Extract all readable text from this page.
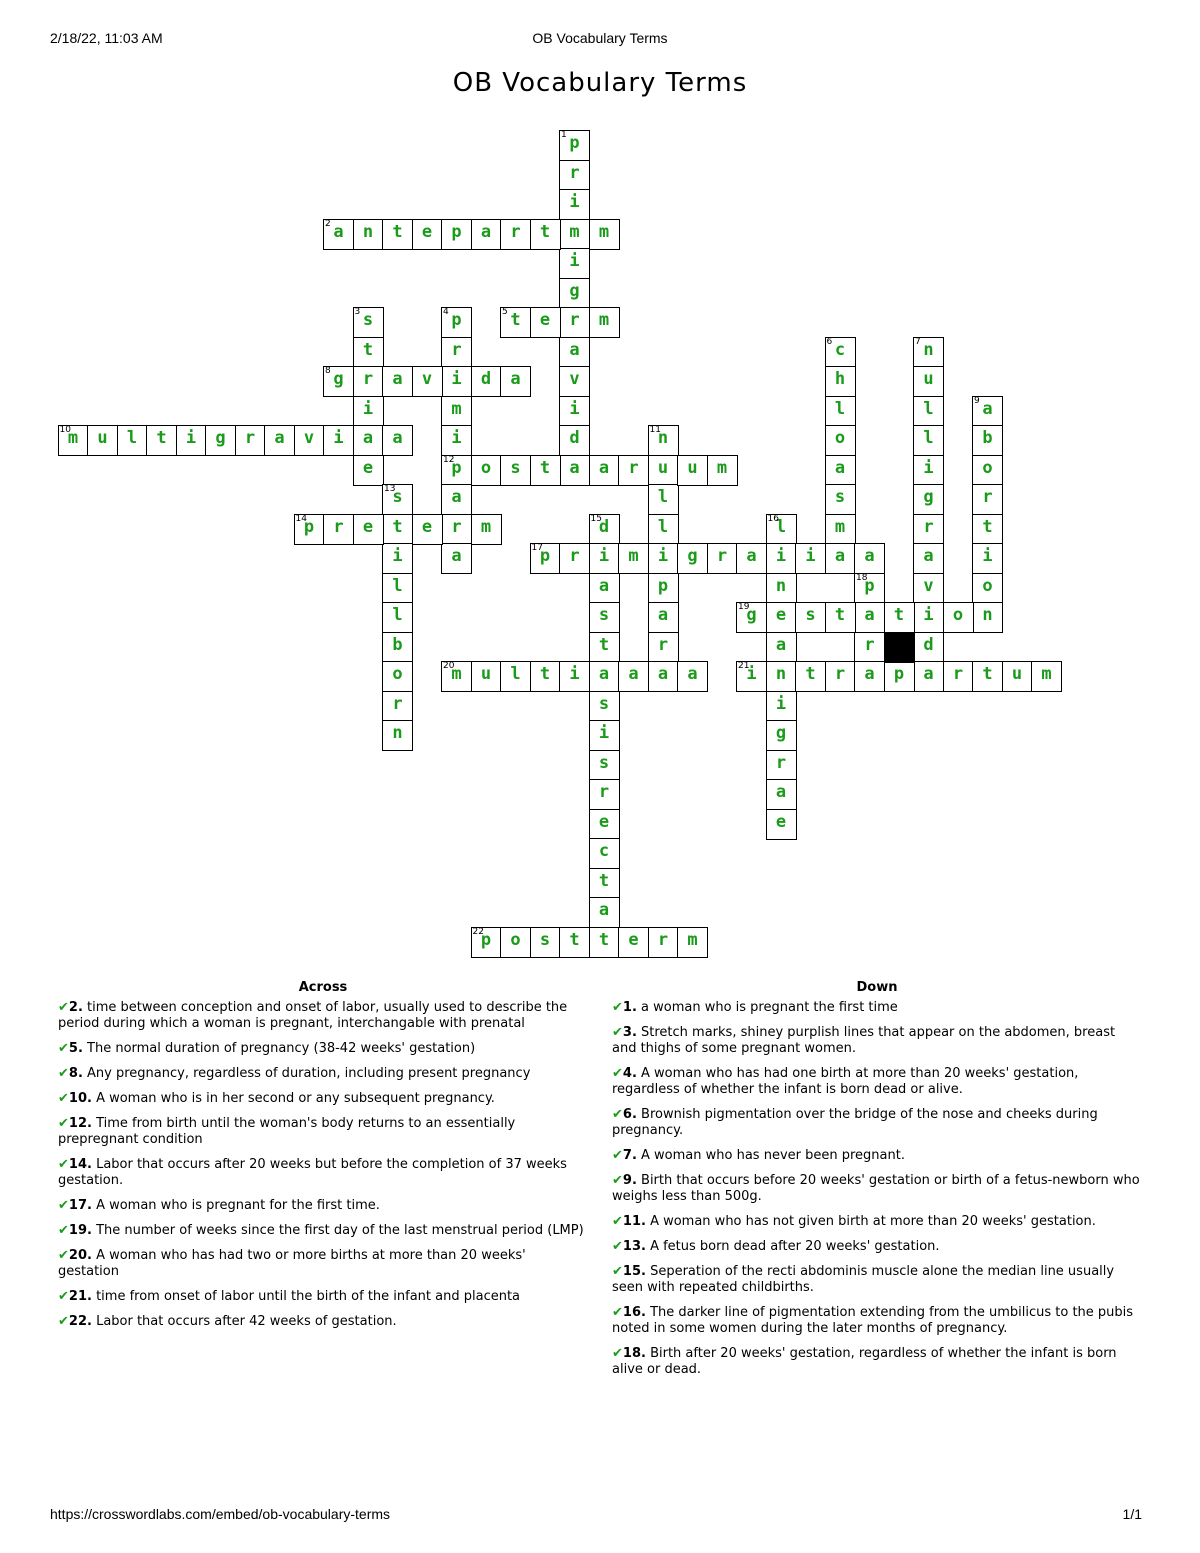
2/18/22, 11:03 AM	OB Vocabulary Terms
OB Vocabulary Terms
p
1
r
i
m
i
g
r
a
v
i
d
a
a
2	n	t	e	p	a	r	t	m
s
3
t
r
i
a
e
p
4
r
i
m
i
p
12
a
r
a
t
5	e	m
c
6
h
l
o
a
s
m
a
n
7
u
l
l
i
g
r
a
v
i
d
a
g
8	a	v	d	a
a
9
b
o
r
t
i
o
n
m
10	u	l	t	i	g	r	a	v	i	a	n
11
u
l
l
i
p
a
r
a
o	s	t	a	r	u	m
s
13
t
i
l
l
b
o
r
n
p
14	r	e	e	m	d
15
i
a
s
t
a
s
i
s
r
e
c
t
a
l
16
i
n
e
a
n
i
g
r
a
e
p
17	r	m	g	r	a	i	a
p
18
a
r
g
19	s	t	t	o
m
20	u	l	t	i	a	a	i
21	t	r	a	p	r	t	u	m
p
22	o	s	t	t	e	r	m
Across
✔2. time between conception and onset of labor, usually used to describe the period during which a woman is pregnant, interchangable with prenatal
✔5. The normal duration of pregnancy (38-42 weeks' gestation)
✔8. Any pregnancy, regardless of duration, including present pregnancy
✔10. A woman who is in her second or any subsequent pregnancy.
✔12. Time from birth until the woman's body returns to an essentially prepregnant condition
✔14. Labor that occurs after 20 weeks but before the completion of 37 weeks gestation.
✔17. A woman who is pregnant for the first time.
✔19. The number of weeks since the first day of the last menstrual period (LMP)
✔20. A woman who has had two or more births at more than 20 weeks' gestation
✔21. time from onset of labor until the birth of the infant and placenta
✔22. Labor that occurs after 42 weeks of gestation.
Down
✔1. a woman who is pregnant the first time
✔3. Stretch marks, shiney purplish lines that appear on the abdomen, breast and thighs of some pregnant women.
✔4. A woman who has had one birth at more than 20 weeks' gestation, regardless of whether the infant is born dead or alive.
✔6. Brownish pigmentation over the bridge of the nose and cheeks during pregnancy.
✔7. A woman who has never been pregnant.
✔9. Birth that occurs before 20 weeks' gestation or birth of a fetus-newborn who weighs less than 500g.
✔11. A woman who has not given birth at more than 20 weeks' gestation.
✔13. A fetus born dead after 20 weeks' gestation.
✔15. Seperation of the recti abdominis muscle alone the median line usually seen with repeated childbirths.
✔16. The darker line of pigmentation extending from the umbilicus to the pubis noted in some women during the later months of pregnancy.
✔18. Birth after 20 weeks' gestation, regardless of whether the infant is born alive or dead.
https://crosswordlabs.com/embed/ob-vocabulary-terms	1/1
